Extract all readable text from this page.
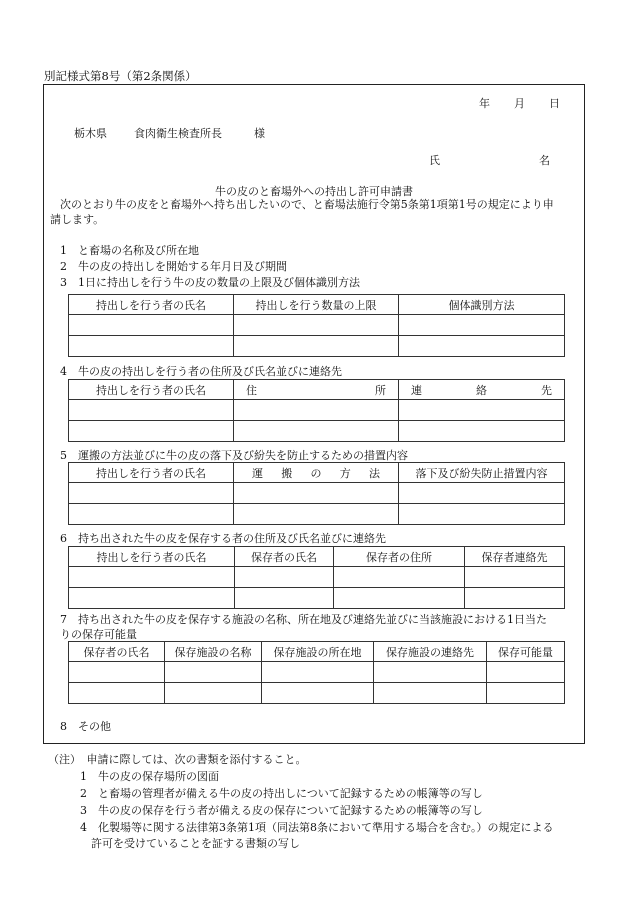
別記様式第8号（第2条関係）
年 月 日
栃木県 食肉衛生検査所長	様
氏	名
牛の皮のと畜場外への持出し許可申請書
次のとおり牛の皮をと畜場外へ持ち出したいので、と畜場法施行令第5条第1項第1号の規定により申
請します。
1　と畜場の名称及び所在地
2　牛の皮の持出しを開始する年月日及び期間
3　1日に持出しを行う牛の皮の数量の上限及び個体識別方法
持出しを行う者の氏名	持出しを行う数量の上限	個体識別方法

4　牛の皮の持出しを行う者の住所及び氏名並びに連絡先
持出しを行う者の氏名	住 所	連 絡 先

5　運搬の方法並びに牛の皮の落下及び紛失を防止するための措置内容
持出しを行う者の氏名	運 搬 の 方 法	落下及び紛失防止措置内容

6　持ち出された牛の皮を保存する者の住所及び氏名並びに連絡先
持出しを行う者の氏名	保存者の氏名	保存者の住所	保存者連絡先

7　持ち出された牛の皮を保存する施設の名称、所在地及び連絡先並びに当該施設における1日当た
りの保存可能量
保存者の氏名	保存施設の名称	保存施設の所在地	保存施設の連絡先	保存可能量

8　その他
（注）　申請に際しては、次の書類を添付すること。
1　牛の皮の保存場所の図面
2　と畜場の管理者が備える牛の皮の持出しについて記録するための帳簿等の写し
3　牛の皮の保存を行う者が備える皮の保存について記録するための帳簿等の写し
4　化製場等に関する法律第3条第1項（同法第8条において準用する場合を含む。）の規定による
許可を受けていることを証する書類の写し
